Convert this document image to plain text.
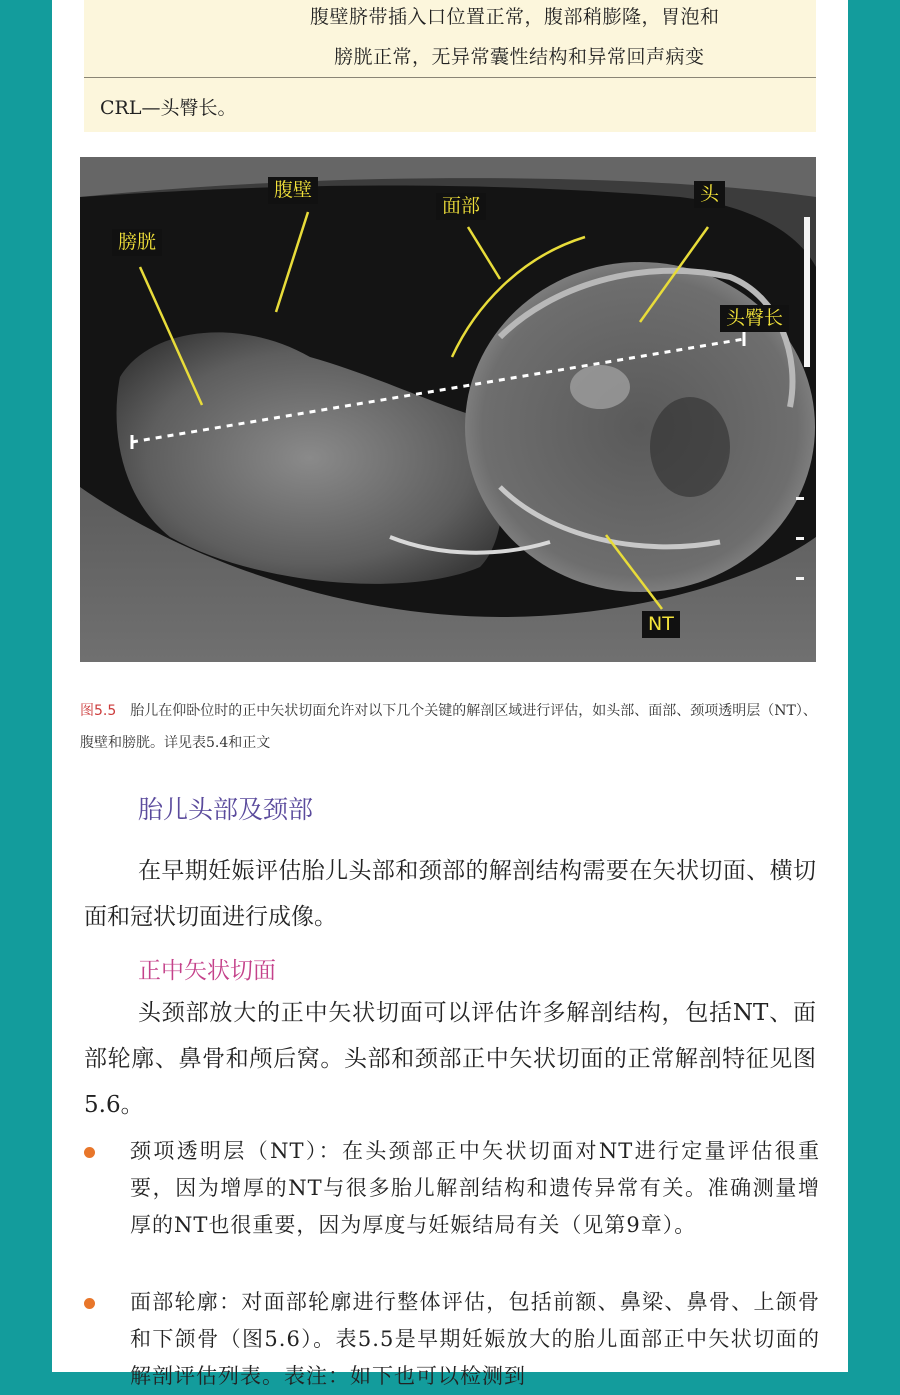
腹壁脐带插入口位置正常，腹部稍膨隆，胃泡和
膀胱正常，无异常囊性结构和异常回声病变
CRL—头臀长。
膀胱
腹壁
面部
头
头臀长
NT
图5.5 胎儿在仰卧位时的正中矢状切面允许对以下几个关键的解剖区域进行评估，如头部、面部、颈项透明层（NT）、腹壁和膀胱。详见表5.4和正文
胎儿头部及颈部

在早期妊娠评估胎儿头部和颈部的解剖结构需要在矢状切面、横切面和冠状切面进行成像。

正中矢状切面

头颈部放大的正中矢状切面可以评估许多解剖结构，包括NT、面部轮廓、鼻骨和颅后窝。头部和颈部正中矢状切面的正常解剖特征见图5.6。

颈项透明层（NT）：在头颈部正中矢状切面对NT进行定量评估很重要，因为增厚的NT与很多胎儿解剖结构和遗传异常有关。准确测量增厚的NT也很重要，因为厚度与妊娠结局有关（见第9章）。

面部轮廓：对面部轮廓进行整体评估，包括前额、鼻梁、鼻骨、上颌骨和下颌骨（图5.6）。表5.5是早期妊娠放大的胎儿面部正中矢状切面的解剖评估列表。表注：如下也可以检测到
